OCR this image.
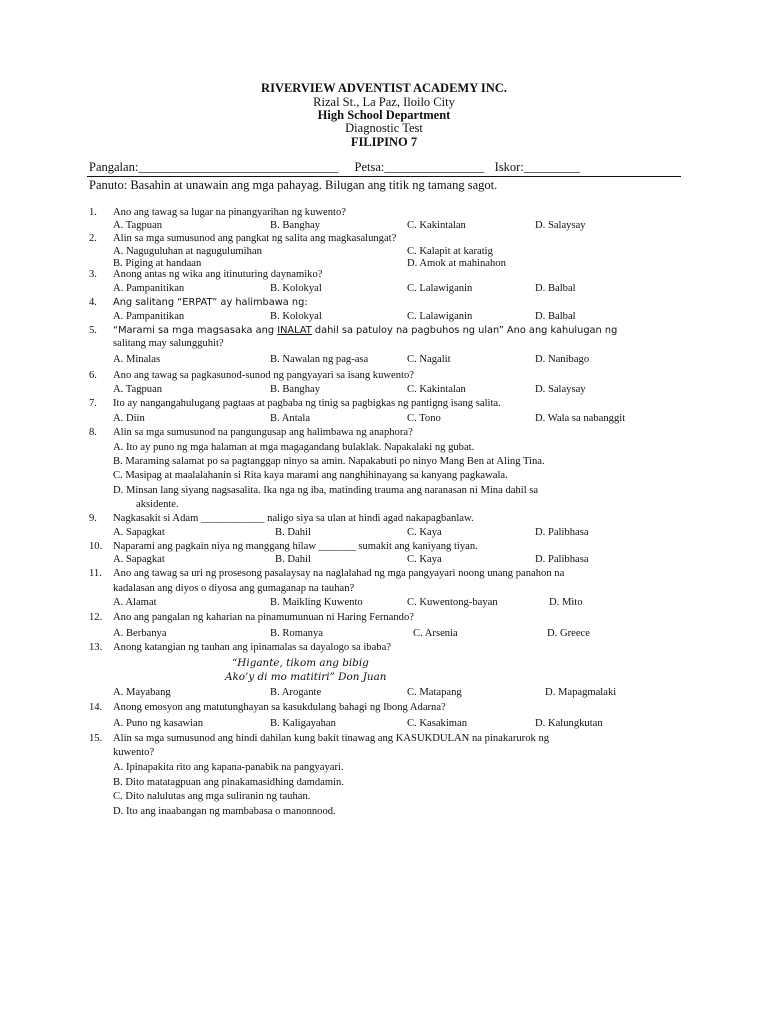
RIVERVIEW ADVENTIST ACADEMY INC.
Rizal St., La Paz, Iloilo City
High School Department
Diagnostic Test
FILIPINO 7
Pangalan:________________________________ Petsa:________________ Iskor:_________
Panuto: Basahin at unawain ang mga pahayag. Bilugan ang titik ng tamang sagot.
1. Ano ang tawag sa lugar na pinangyarihan ng kuwento?
A. Tagpuan	B. Banghay	C. Kakintalan	D. Salaysay
2. Alin sa mga sumusunod ang pangkat ng salita ang magkasalungat?
A. Naguguluhan at nagugulumihan	C. Kalapit at karatig
B. Piging at handaan	D. Amok at mahinahon
3. Anong antas ng wika ang itinuturing daynamiko?
A. Pampanitikan	B. Kolokyal	C. Lalawiganin	D. Balbal
4. Ang salitang “ERPAT” ay halimbawa ng:
A. Pampanitikan	B. Kolokyal	C. Lalawiganin	D. Balbal
5. “Marami sa mga magsasaka ang INALAT dahil sa patuloy na pagbuhos ng ulan” Ano ang kahulugan ng
salitang may salungguhit?
A. Minalas	B. Nawalan ng pag-asa	C. Nagalit	D. Nanibago
6. Ano ang tawag sa pagkasunod-sunod ng pangyayari sa isang kuwento?
A. Tagpuan	B. Banghay	C. Kakintalan	D. Salaysay
7. Ito ay nangangahulugang pagtaas at pagbaba ng tinig sa pagbigkas ng pantigng isang salita.
A. Diin	B. Antala	C. Tono	D. Wala sa nabanggit
8. Alin sa mga sumusunod na pangungusap ang halimbawa ng anaphora?
A. Ito ay puno ng mga halaman at mga magagandang bulaklak. Napakalaki ng gubat.
B. Maraming salamat po sa pagtanggap ninyo sa amin. Napakabuti po ninyo Mang Ben at Aling Tina.
C. Masipag at maalalahanin si Rita kaya marami ang nanghihinayang sa kanyang pagkawala.
D. Minsan lang siyang nagsasalita. Ika nga ng iba, matinding trauma ang naranasan ni Mina dahil sa
aksidente.
9. Nagkasakit si Adam ____________ naligo siya sa ulan at hindi agad nakapagbanlaw.
A. Sapagkat	B. Dahil	C. Kaya	D. Palibhasa
10. Naparami ang pagkain niya ng manggang hilaw _______ sumakit ang kaniyang tiyan.
A. Sapagkat	B. Dahil	C. Kaya	D. Palibhasa
11. Ano ang tawag sa uri ng prosesong pasalaysay na naglalahad ng mga pangyayari noong unang panahon na
kadalasan ang diyos o diyosa ang gumaganap na tauhan?
A. Alamat	B. Maikling Kuwento	C. Kuwentong-bayan	D. Mito
12. Ano ang pangalan ng kaharian na pinamumunuan ni Haring Fernando?
A. Berbanya	B. Romanya	C. Arsenia	D. Greece
13. Anong katangian ng tauhan ang ipinamalas sa dayalogo sa ibaba?
“Higante, tikom ang bibig
Ako’y di mo matitiri” Don Juan
A. Mayabang	B. Arogante	C. Matapang	D. Mapagmalaki
14. Anong emosyon ang matutunghayan sa kasukdulang bahagi ng Ibong Adarna?
A. Puno ng kasawian	B. Kaligayahan	C. Kasakiman	D. Kalungkutan
15. Alin sa mga sumusunod ang hindi dahilan kung bakit tinawag ang KASUKDULAN na pinakarurok ng
kuwento?
A. Ipinapakita rito ang kapana-panabik na pangyayari.
B. Dito matatagpuan ang pinakamasidhing damdamin.
C. Dito nalulutas ang mga suliranin ng tauhan.
D. Ito ang inaabangan ng mambabasa o manonnood.
